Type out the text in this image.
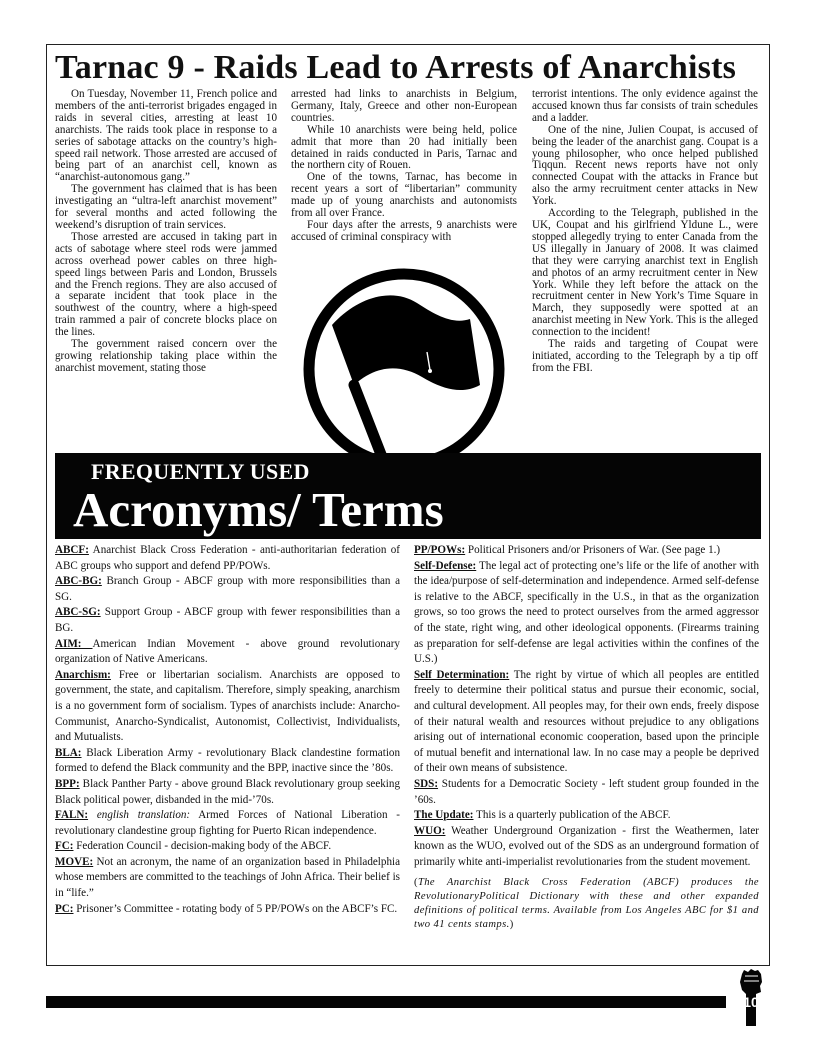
Tarnac 9 - Raids Lead to Arrests of Anarchists

On Tuesday, November 11, French police and members of the anti-terrorist brigades engaged in raids in several cities, arresting at least 10 anarchists. The raids took place in response to a series of sabotage attacks on the country’s high-speed rail network. Those arrested are accused of being part of an anarchist cell, known as “anarchist-autonomous gang.”

The government has claimed that is has been investigating an “ultra-left anarchist movement” for several months and acted following the weekend’s disruption of train services.

Those arrested are accused in taking part in acts of sabotage where steel rods were jammed across overhead power cables on three high-speed lings between Paris and London, Brussels and the French regions. They are also accused of a separate incident that took place in the southwest of the country, where a high-speed train rammed a pair of concrete blocks place on the lines.

The government raised concern over the growing relationship taking place within the anarchist movement, stating those

arrested had links to anarchists in Belgium, Germany, Italy, Greece and other non-European countries.

While 10 anarchists were being held, police admit that more than 20 had initially been detained in raids conducted in Paris, Tarnac and the northern city of Rouen.

One of the towns, Tarnac, has become in recent years a sort of “libertarian” community made up of young anarchists and autonomists from all over France.

Four days after the arrests, 9 anarchists were accused of criminal conspiracy with

terrorist intentions. The only evidence against the accused known thus far consists of train schedules and a ladder.

One of the nine, Julien Coupat, is accused of being the leader of the anarchist gang. Coupat is a young philosopher, who once helped published Tiqqun. Recent news reports have not only connected Coupat with the attacks in France but also the army recruitment center attacks in New York.

According to the Telegraph, published in the UK, Coupat and his girlfriend Yldune L., were stopped allegedly trying to enter Canada from the US illegally in January of 2008. It was claimed that they were carrying anarchist text in English and photos of an army recruitment center in New York. While they left before the attack on the recruitment center in New York’s Time Square in March, they supposedly were spotted at an anarchist meeting in New York. This is the alleged connection to the incident!

The raids and targeting of Coupat were initiated, according to the Telegraph by a tip off from the FBI.

FREQUENTLY USED
Acronyms/ Terms

ABCF: Anarchist Black Cross Federation - anti-authoritarian federation of ABC groups who support and defend PP/POWs.

ABC-BG: Branch Group - ABCF group with more responsibilities than a SG.

ABC-SG: Support Group - ABCF group with fewer responsibilities than a BG.

AIM: American Indian Movement - above ground revolutionary organization of Native Americans.

Anarchism: Free or libertarian socialism. Anarchists are opposed to government, the state, and capitalism. Therefore, simply speaking, anarchism is a no government form of socialism. Types of anarchists include: Anarcho-Communist, Anarcho-Syndicalist, Autonomist, Collectivist, Individualists, and Mutualists.

BLA: Black Liberation Army - revolutionary Black clandestine formation formed to defend the Black community and the BPP, inactive since the ’80s.

BPP: Black Panther Party - above ground Black revolutionary group seeking Black political power, disbanded in the mid-’70s.

FALN: english translation: Armed Forces of National Liberation - revolutionary clandestine group fighting for Puerto Rican independence.

FC: Federation Council - decision-making body of the ABCF.

MOVE: Not an acronym, the name of an organization based in Philadelphia whose members are committed to the teachings of John Africa. Their belief is in “life.”

PC: Prisoner’s Committee - rotating body of 5 PP/POWs on the ABCF’s FC.

PP/POWs: Political Prisoners and/or Prisoners of War. (See page 1.)

Self-Defense: The legal act of protecting one’s life or the life of another with the idea/purpose of self-determination and independence. Armed self-defense is relative to the ABCF, specifically in the U.S., in that as the organization grows, so too grows the need to protect ourselves from the armed aggressor of the state, right wing, and other ideological opponents. (Firearms training as preparation for self-defense are legal activities within the confines of the U.S.)

Self Determination: The right by virtue of which all peoples are entitled freely to determine their political status and pursue their economic, social, and cultural development. All peoples may, for their own ends, freely dispose of their natural wealth and resources without prejudice to any obligations arising out of international economic cooperation, based upon the principle of mutual benefit and international law. In no case may a people be deprived of their own means of subsistence.

SDS: Students for a Democratic Society - left student group founded in the ’60s.

The Update: This is a quarterly publication of the ABCF.

WUO: Weather Underground Organization - first the Weathermen, later known as the WUO, evolved out of the SDS as an underground formation of primarily white anti-imperialist revolutionaries from the student movement.

(The Anarchist Black Cross Federation (ABCF) produces the RevolutionaryPolitical Dictionary with these and other expanded definitions of political terms. Available from Los Angeles ABC for $1 and two 41 cents stamps.)

10
